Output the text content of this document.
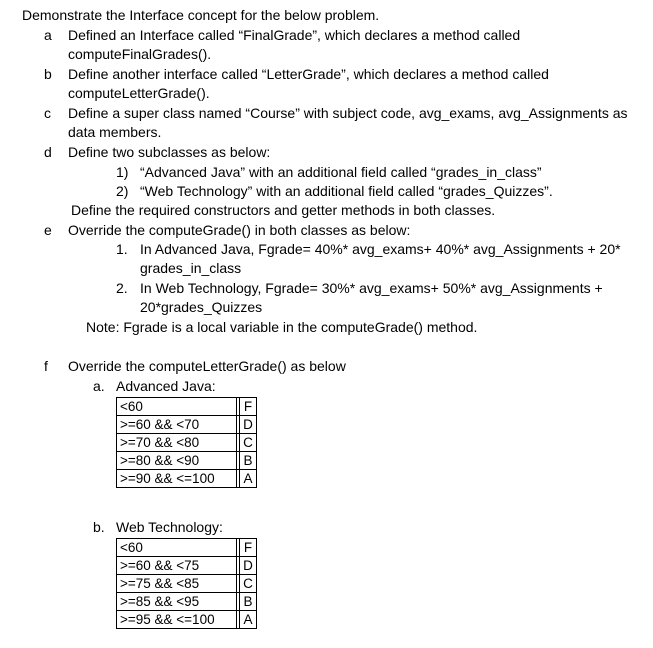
Demonstrate the Interface concept for the below problem.
a Defined an Interface called “FinalGrade”, which declares a method called
computeFinalGrades().
b Define another interface called “LetterGrade”, which declares a method called
computeLetterGrade().
c Define a super class named “Course” with subject code, avg_exams, avg_Assignments as
data members.
d Define two subclasses as below:
1) “Advanced Java” with an additional field called “grades_in_class”
2) “Web Technology” with an additional field called “grades_Quizzes”.
Define the required constructors and getter methods in both classes.
e Override the computeGrade() in both classes as below:
1. In Advanced Java, Fgrade= 40%* avg_exams+ 40%* avg_Assignments + 20*
grades_in_class
2. In Web Technology, Fgrade= 30%* avg_exams+ 50%* avg_Assignments +
20*grades_Quizzes
Note: Fgrade is a local variable in the computeGrade() method.
f Override the computeLetterGrade() as below
a. Advanced Java:
<60		F
>=60 && <70		D
>=70 && <80		C
>=80 && <90		B
>=90 && <=100		A
b. Web Technology:
<60		F
>=60 && <75		D
>=75 && <85		C
>=85 && <95		B
>=95 && <=100		A
